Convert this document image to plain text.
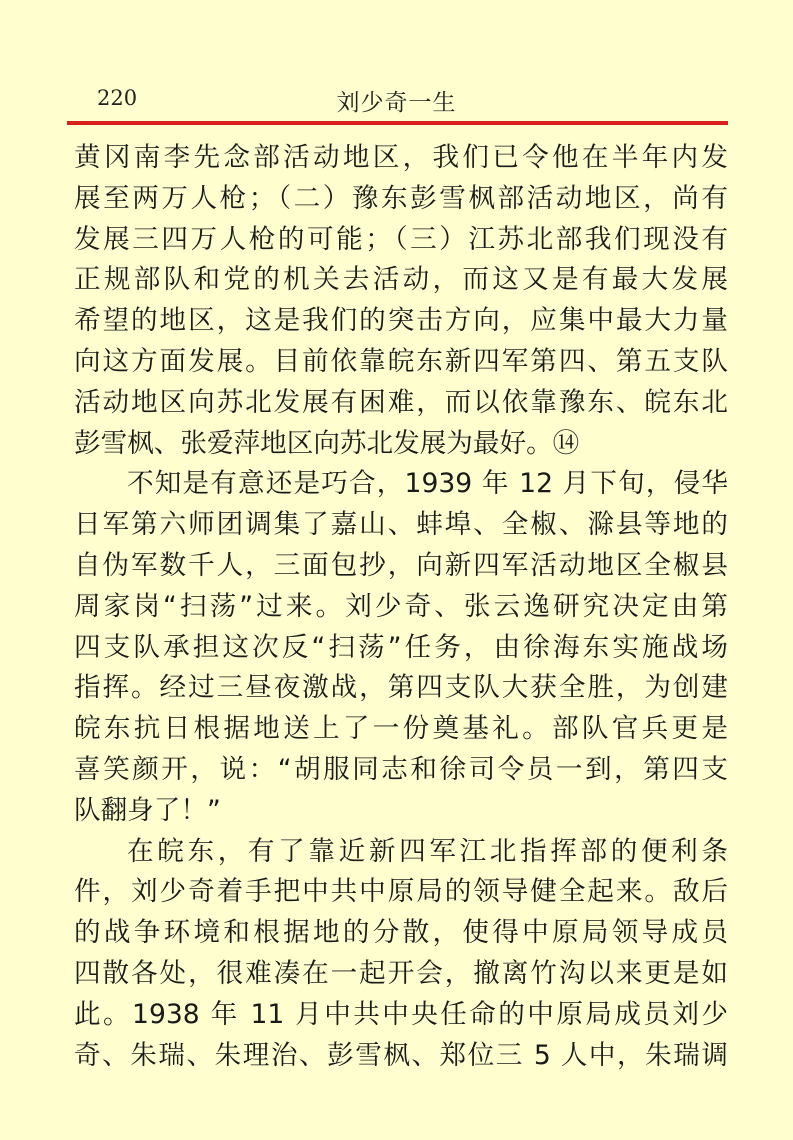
220	刘少奇一生
黄冈南李先念部活动地区，我们已令他在半年内发
展至两万人枪；（二）豫东彭雪枫部活动地区，尚有
发展三四万人枪的可能；（三）江苏北部我们现没有
正规部队和党的机关去活动，而这又是有最大发展
希望的地区，这是我们的突击方向，应集中最大力量
向这方面发展。目前依靠皖东新四军第四、第五支队
活动地区向苏北发展有困难，而以依靠豫东、皖东北
彭雪枫、张爱萍地区向苏北发展为最好。⑭
不知是有意还是巧合，1939 年 12 月下旬，侵华
日军第六师团调集了嘉山、蚌埠、全椒、滁县等地的
自伪军数千人，三面包抄，向新四军活动地区全椒县
周家岗“扫荡”过来。刘少奇、张云逸研究决定由第
四支队承担这次反“扫荡”任务，由徐海东实施战场
指挥。经过三昼夜激战，第四支队大获全胜，为创建
皖东抗日根据地送上了一份奠基礼。部队官兵更是
喜笑颜开，说：“胡服同志和徐司令员一到，第四支
队翻身了！”
在皖东，有了靠近新四军江北指挥部的便利条
件，刘少奇着手把中共中原局的领导健全起来。敌后
的战争环境和根据地的分散，使得中原局领导成员
四散各处，很难凑在一起开会，撤离竹沟以来更是如
此。1938 年 11 月中共中央任命的中原局成员刘少
奇、朱瑞、朱理治、彭雪枫、郑位三 5 人中，朱瑞调
